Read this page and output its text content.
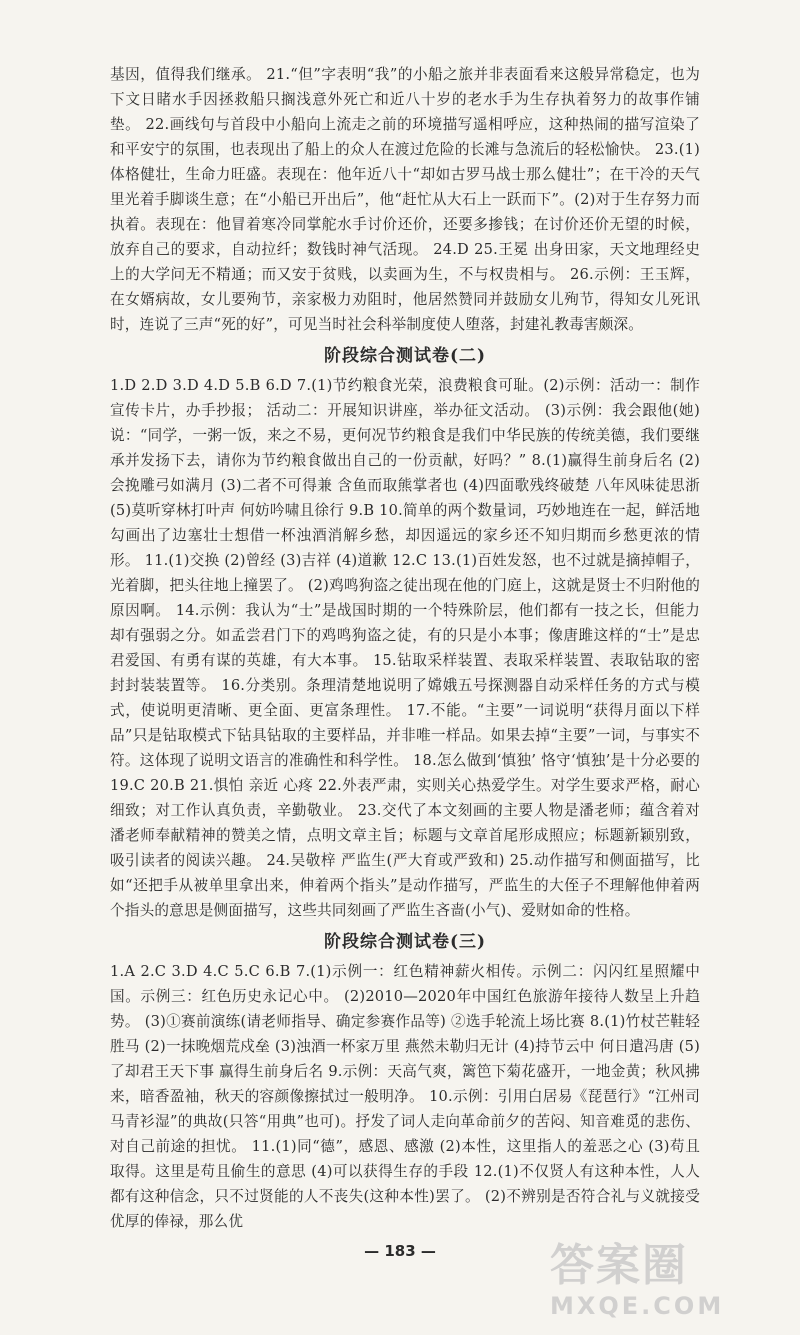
基因，值得我们继承。 21.“但”字表明“我”的小船之旅并非表面看来这般异常稳定，也为下文日睹水手因拯救船只搁浅意外死亡和近八十岁的老水手为生存执着努力的故事作铺垫。 22.画线句与首段中小船向上流走之前的环境描写遥相呼应，这种热闹的描写渲染了和平安宁的氛围，也表现出了船上的众人在渡过危险的长滩与急流后的轻松愉快。 23.(1)体格健壮，生命力旺盛。表现在：他年近八十“却如古罗马战士那么健壮”；在干冷的天气里光着手脚谈生意；在“小船已开出后”，他“赶忙从大石上一跃而下”。(2)对于生存努力而执着。表现在：他冒着寒冷同掌舵水手讨价还价，还要多掺钱；在讨价还价无望的时候，放弃自己的要求，自动拉纤；数钱时神气活现。 24.D 25.王冕 出身田家，天文地理经史上的大学问无不精通；而又安于贫贱，以卖画为生，不与权贵相与。 26.示例：王玉辉，在女婿病故，女儿要殉节，亲家极力劝阻时，他居然赞同并鼓励女儿殉节，得知女儿死讯时，连说了三声“死的好”，可见当时社会科举制度使人堕落，封建礼教毒害颇深。

阶段综合测试卷(二)

1.D 2.D 3.D 4.D 5.B 6.D 7.(1)节约粮食光荣，浪费粮食可耻。(2)示例：活动一：制作宣传卡片，办手抄报； 活动二：开展知识讲座，举办征文活动。 (3)示例：我会跟他(她)说：“同学，一粥一饭，来之不易，更何况节约粮食是我们中华民族的传统美德，我们要继承并发扬下去，请你为节约粮食做出自己的一份贡献，好吗？” 8.(1)赢得生前身后名 (2)会挽雕弓如满月 (3)二者不可得兼 含鱼而取熊掌者也 (4)四面歌残终破楚 八年风味徒思浙 (5)莫听穿林打叶声 何妨吟啸且徐行 9.B 10.简单的两个数量词，巧妙地连在一起，鲜活地勾画出了边塞壮士想借一杯浊酒消解乡愁，却因遥远的家乡还不知归期而乡愁更浓的情形。 11.(1)交换 (2)曾经 (3)吉祥 (4)道歉 12.C 13.(1)百姓发怒，也不过就是摘掉帽子，光着脚，把头往地上撞罢了。 (2)鸡鸣狗盗之徒出现在他的门庭上，这就是贤士不归附他的原因啊。 14.示例：我认为“士”是战国时期的一个特殊阶层，他们都有一技之长，但能力却有强弱之分。如孟尝君门下的鸡鸣狗盗之徒，有的只是小本事；像唐雎这样的“士”是忠君爱国、有勇有谋的英雄，有大本事。 15.钻取采样装置、表取采样装置、表取钻取的密封封装装置等。 16.分类别。条理清楚地说明了嫦娥五号探测器自动采样任务的方式与模式，使说明更清晰、更全面、更富条理性。 17.不能。“主要”一词说明“获得月面以下样品”只是钻取模式下钻具钻取的主要样品，并非唯一样品。如果去掉“主要”一词，与事实不符。这体现了说明文语言的准确性和科学性。 18.怎么做到‘慎独’ 恪守‘慎独’是十分必要的 19.C 20.B 21.惧怕 亲近 心疼 22.外表严肃，实则关心热爱学生。对学生要求严格，耐心细致；对工作认真负责，辛勤敬业。 23.交代了本文刻画的主要人物是潘老师；蕴含着对潘老师奉献精神的赞美之情，点明文章主旨；标题与文章首尾形成照应；标题新颖别致，吸引读者的阅读兴趣。 24.吴敬梓 严监生(严大育或严致和) 25.动作描写和侧面描写，比如“还把手从被单里拿出来，伸着两个指头”是动作描写，严监生的大侄子不理解他伸着两个指头的意思是侧面描写，这些共同刻画了严监生吝啬(小气)、爱财如命的性格。

阶段综合测试卷(三)

1.A 2.C 3.D 4.C 5.C 6.B 7.(1)示例一：红色精神薪火相传。示例二：闪闪红星照耀中国。示例三：红色历史永记心中。 (2)2010—2020年中国红色旅游年接待人数呈上升趋势。 (3)①赛前演练(请老师指导、确定参赛作品等) ②选手轮流上场比赛 8.(1)竹杖芒鞋轻胜马 (2)一抹晚烟荒戍垒 (3)浊酒一杯家万里 燕然未勒归无计 (4)持节云中 何日遣冯唐 (5)了却君王天下事 赢得生前身后名 9.示例：天高气爽，篱笆下菊花盛开，一地金黄；秋风拂来，暗香盈袖，秋天的容颜像擦拭过一般明净。 10.示例：引用白居易《琵琶行》“江州司马青衫湿”的典故(只答“用典”也可)。抒发了词人走向革命前夕的苦闷、知音难觅的悲伤、对自己前途的担忧。 11.(1)同“德”，感恩、感激 (2)本性，这里指人的羞恶之心 (3)苟且取得。这里是苟且偷生的意思 (4)可以获得生存的手段 12.(1)不仅贤人有这种本性，人人都有这种信念，只不过贤能的人不丧失(这种本性)罢了。 (2)不辨别是否符合礼与义就接受优厚的俸禄，那么优

— 183 —	答案圈
MXQE.COM
